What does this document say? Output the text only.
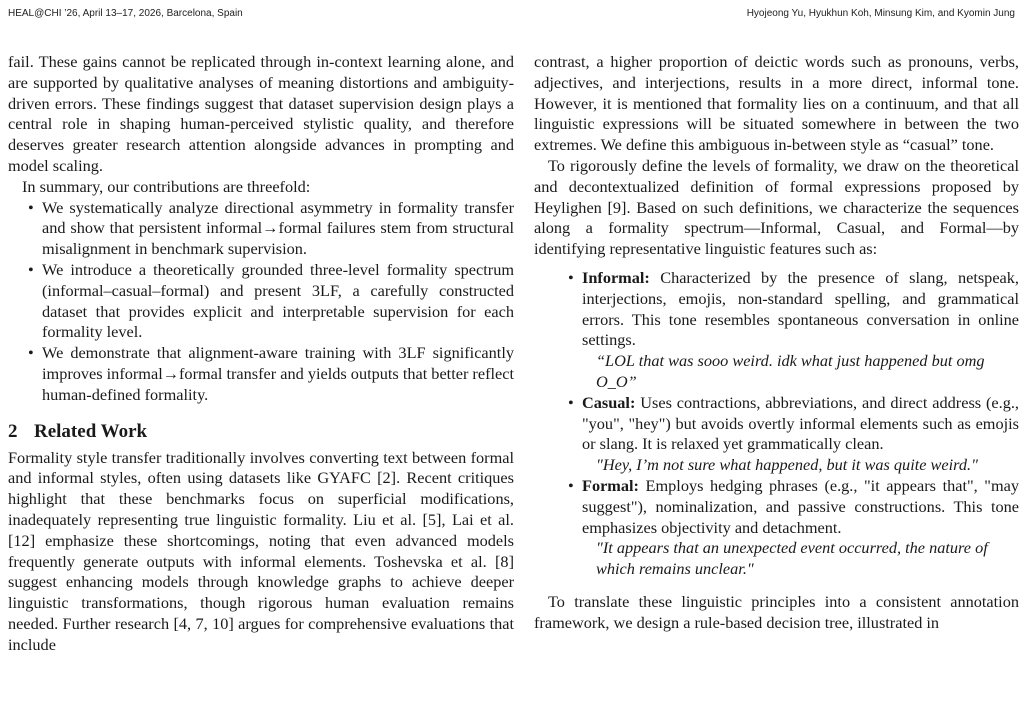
HEAL@CHI ’26, April 13–17, 2026, Barcelona, Spain	Hyojeong Yu, Hyukhun Koh, Minsung Kim, and Kyomin Jung

fail. These gains cannot be replicated through in-context learning alone, and are supported by qualitative analyses of meaning distortions and ambiguity-driven errors. These findings suggest that dataset supervision design plays a central role in shaping human-perceived stylistic quality, and therefore deserves greater research attention alongside advances in prompting and model scaling.

In summary, our contributions are threefold:

• We systematically analyze directional asymmetry in formality transfer and show that persistent informal→formal failures stem from structural misalignment in benchmark supervision.
• We introduce a theoretically grounded three-level formality spectrum (informal–casual–formal) and present 3LF, a carefully constructed dataset that provides explicit and interpretable supervision for each formality level.
• We demonstrate that alignment-aware training with 3LF significantly improves informal→formal transfer and yields outputs that better reflect human-defined formality.
2 Related Work

Formality style transfer traditionally involves converting text between formal and informal styles, often using datasets like GYAFC [2]. Recent critiques highlight that these benchmarks focus on superficial modifications, inadequately representing true linguistic formality. Liu et al. [5], Lai et al. [12] emphasize these shortcomings, noting that even advanced models frequently generate outputs with informal elements. Toshevska et al. [8] suggest enhancing models through knowledge graphs to achieve deeper linguistic transformations, though rigorous human evaluation remains needed. Further research [4, 7, 10] argues for comprehensive evaluations that include

contrast, a higher proportion of deictic words such as pronouns, verbs, adjectives, and interjections, results in a more direct, informal tone. However, it is mentioned that formality lies on a continuum, and that all linguistic expressions will be situated somewhere in between the two extremes. We define this ambiguous in-between style as “casual” tone.

To rigorously define the levels of formality, we draw on the theoretical and decontextualized definition of formal expressions proposed by Heylighen [9]. Based on such definitions, we characterize the sequences along a formality spectrum—Informal, Casual, and Formal—by identifying representative linguistic features such as:

• Informal: Characterized by the presence of slang, netspeak, interjections, emojis, non-standard spelling, and grammatical errors. This tone resembles spontaneous conversation in online settings.
“LOL that was sooo weird. idk what just happened but omg O_O”
• Casual: Uses contractions, abbreviations, and direct address (e.g., "you", "hey") but avoids overtly informal elements such as emojis or slang. It is relaxed yet grammatically clean.
"Hey, I’m not sure what happened, but it was quite weird."
• Formal: Employs hedging phrases (e.g., "it appears that", "may suggest"), nominalization, and passive constructions. This tone emphasizes objectivity and detachment.
"It appears that an unexpected event occurred, the nature of which remains unclear."

To translate these linguistic principles into a consistent annotation framework, we design a rule-based decision tree, illustrated in
